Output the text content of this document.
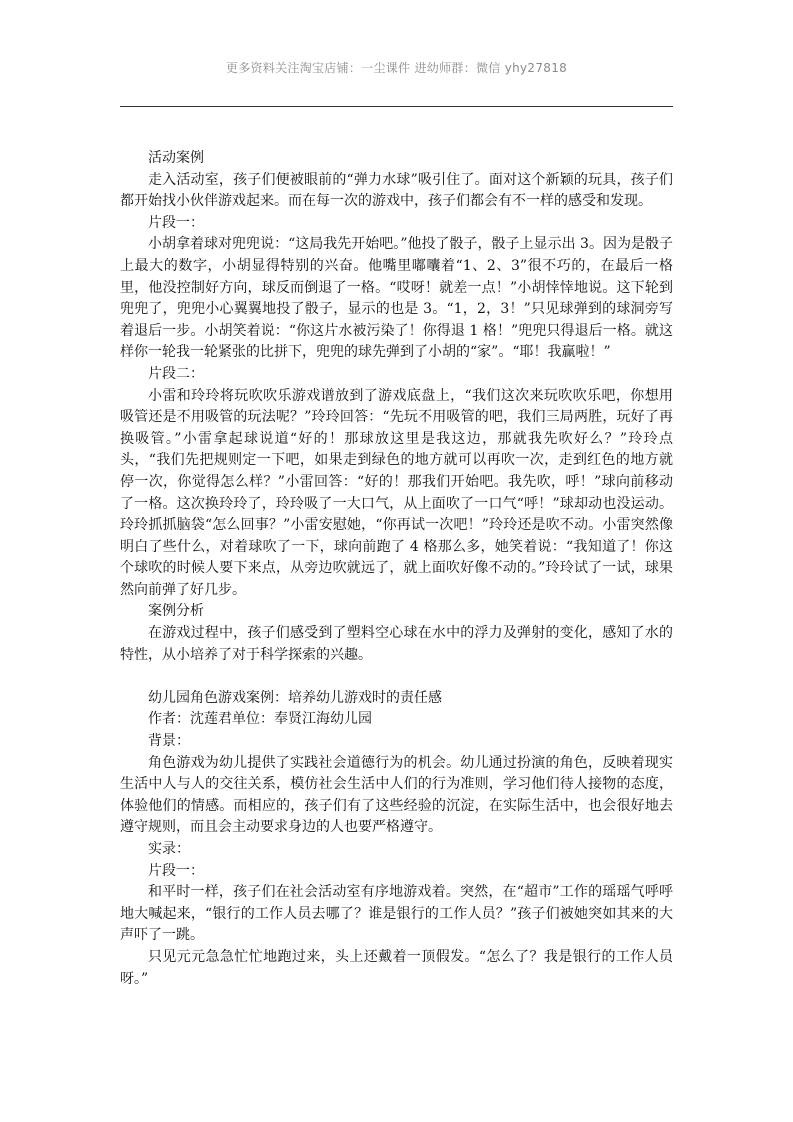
更多资料关注淘宝店铺：一尘课件 进幼师群：微信 yhy27818

活动案例

走入活动室，孩子们便被眼前的“弹力水球”吸引住了。面对这个新颖的玩具，孩子们都开始找小伙伴游戏起来。而在每一次的游戏中，孩子们都会有不一样的感受和发现。

片段一：

小胡拿着球对兜兜说：“这局我先开始吧。”他投了骰子，骰子上显示出 3。因为是骰子上最大的数字，小胡显得特别的兴奋。他嘴里嘟囔着“1、2、3”很不巧的，在最后一格里，他没控制好方向，球反而倒退了一格。“哎呀！就差一点！”小胡悻悻地说。这下轮到兜兜了，兜兜小心翼翼地投了骰子，显示的也是 3。“1，2，3！”只见球弹到的球洞旁写着退后一步。小胡笑着说：“你这片水被污染了！你得退 1 格！”兜兜只得退后一格。就这样你一轮我一轮紧张的比拼下，兜兜的球先弹到了小胡的“家”。“耶！我赢啦！”

片段二：

小雷和玲玲将玩吹吹乐游戏谱放到了游戏底盘上，“我们这次来玩吹吹乐吧，你想用吸管还是不用吸管的玩法呢？”玲玲回答：“先玩不用吸管的吧，我们三局两胜，玩好了再换吸管。”小雷拿起球说道“好的！那球放这里是我这边，那就我先吹好么？”玲玲点头，“我们先把规则定一下吧，如果走到绿色的地方就可以再吹一次，走到红色的地方就停一次，你觉得怎么样？”小雷回答：“好的！那我们开始吧。我先吹，呼！”球向前移动了一格。这次换玲玲了，玲玲吸了一大口气，从上面吹了一口气“呼！”球却动也没运动。玲玲抓抓脑袋“怎么回事？”小雷安慰她，“你再试一次吧！”玲玲还是吹不动。小雷突然像明白了些什么，对着球吹了一下，球向前跑了 4 格那么多，她笑着说：“我知道了！你这个球吹的时候人要下来点，从旁边吹就远了，就上面吹好像不动的。”玲玲试了一试，球果然向前弹了好几步。

案例分析

在游戏过程中，孩子们感受到了塑料空心球在水中的浮力及弹射的变化，感知了水的特性，从小培养了对于科学探索的兴趣。

幼儿园角色游戏案例：培养幼儿游戏时的责任感

作者：沈莲君单位：奉贤江海幼儿园

背景：

角色游戏为幼儿提供了实践社会道德行为的机会。幼儿通过扮演的角色，反映着现实生活中人与人的交往关系，模仿社会生活中人们的行为准则，学习他们待人接物的态度，体验他们的情感。而相应的，孩子们有了这些经验的沉淀，在实际生活中，也会很好地去遵守规则，而且会主动要求身边的人也要严格遵守。

实录：

片段一：

和平时一样，孩子们在社会活动室有序地游戏着。突然，在“超市”工作的瑶瑶气呼呼地大喊起来，“银行的工作人员去哪了？谁是银行的工作人员？”孩子们被她突如其来的大声吓了一跳。

只见元元急急忙忙地跑过来，头上还戴着一顶假发。“怎么了？我是银行的工作人员呀。”
